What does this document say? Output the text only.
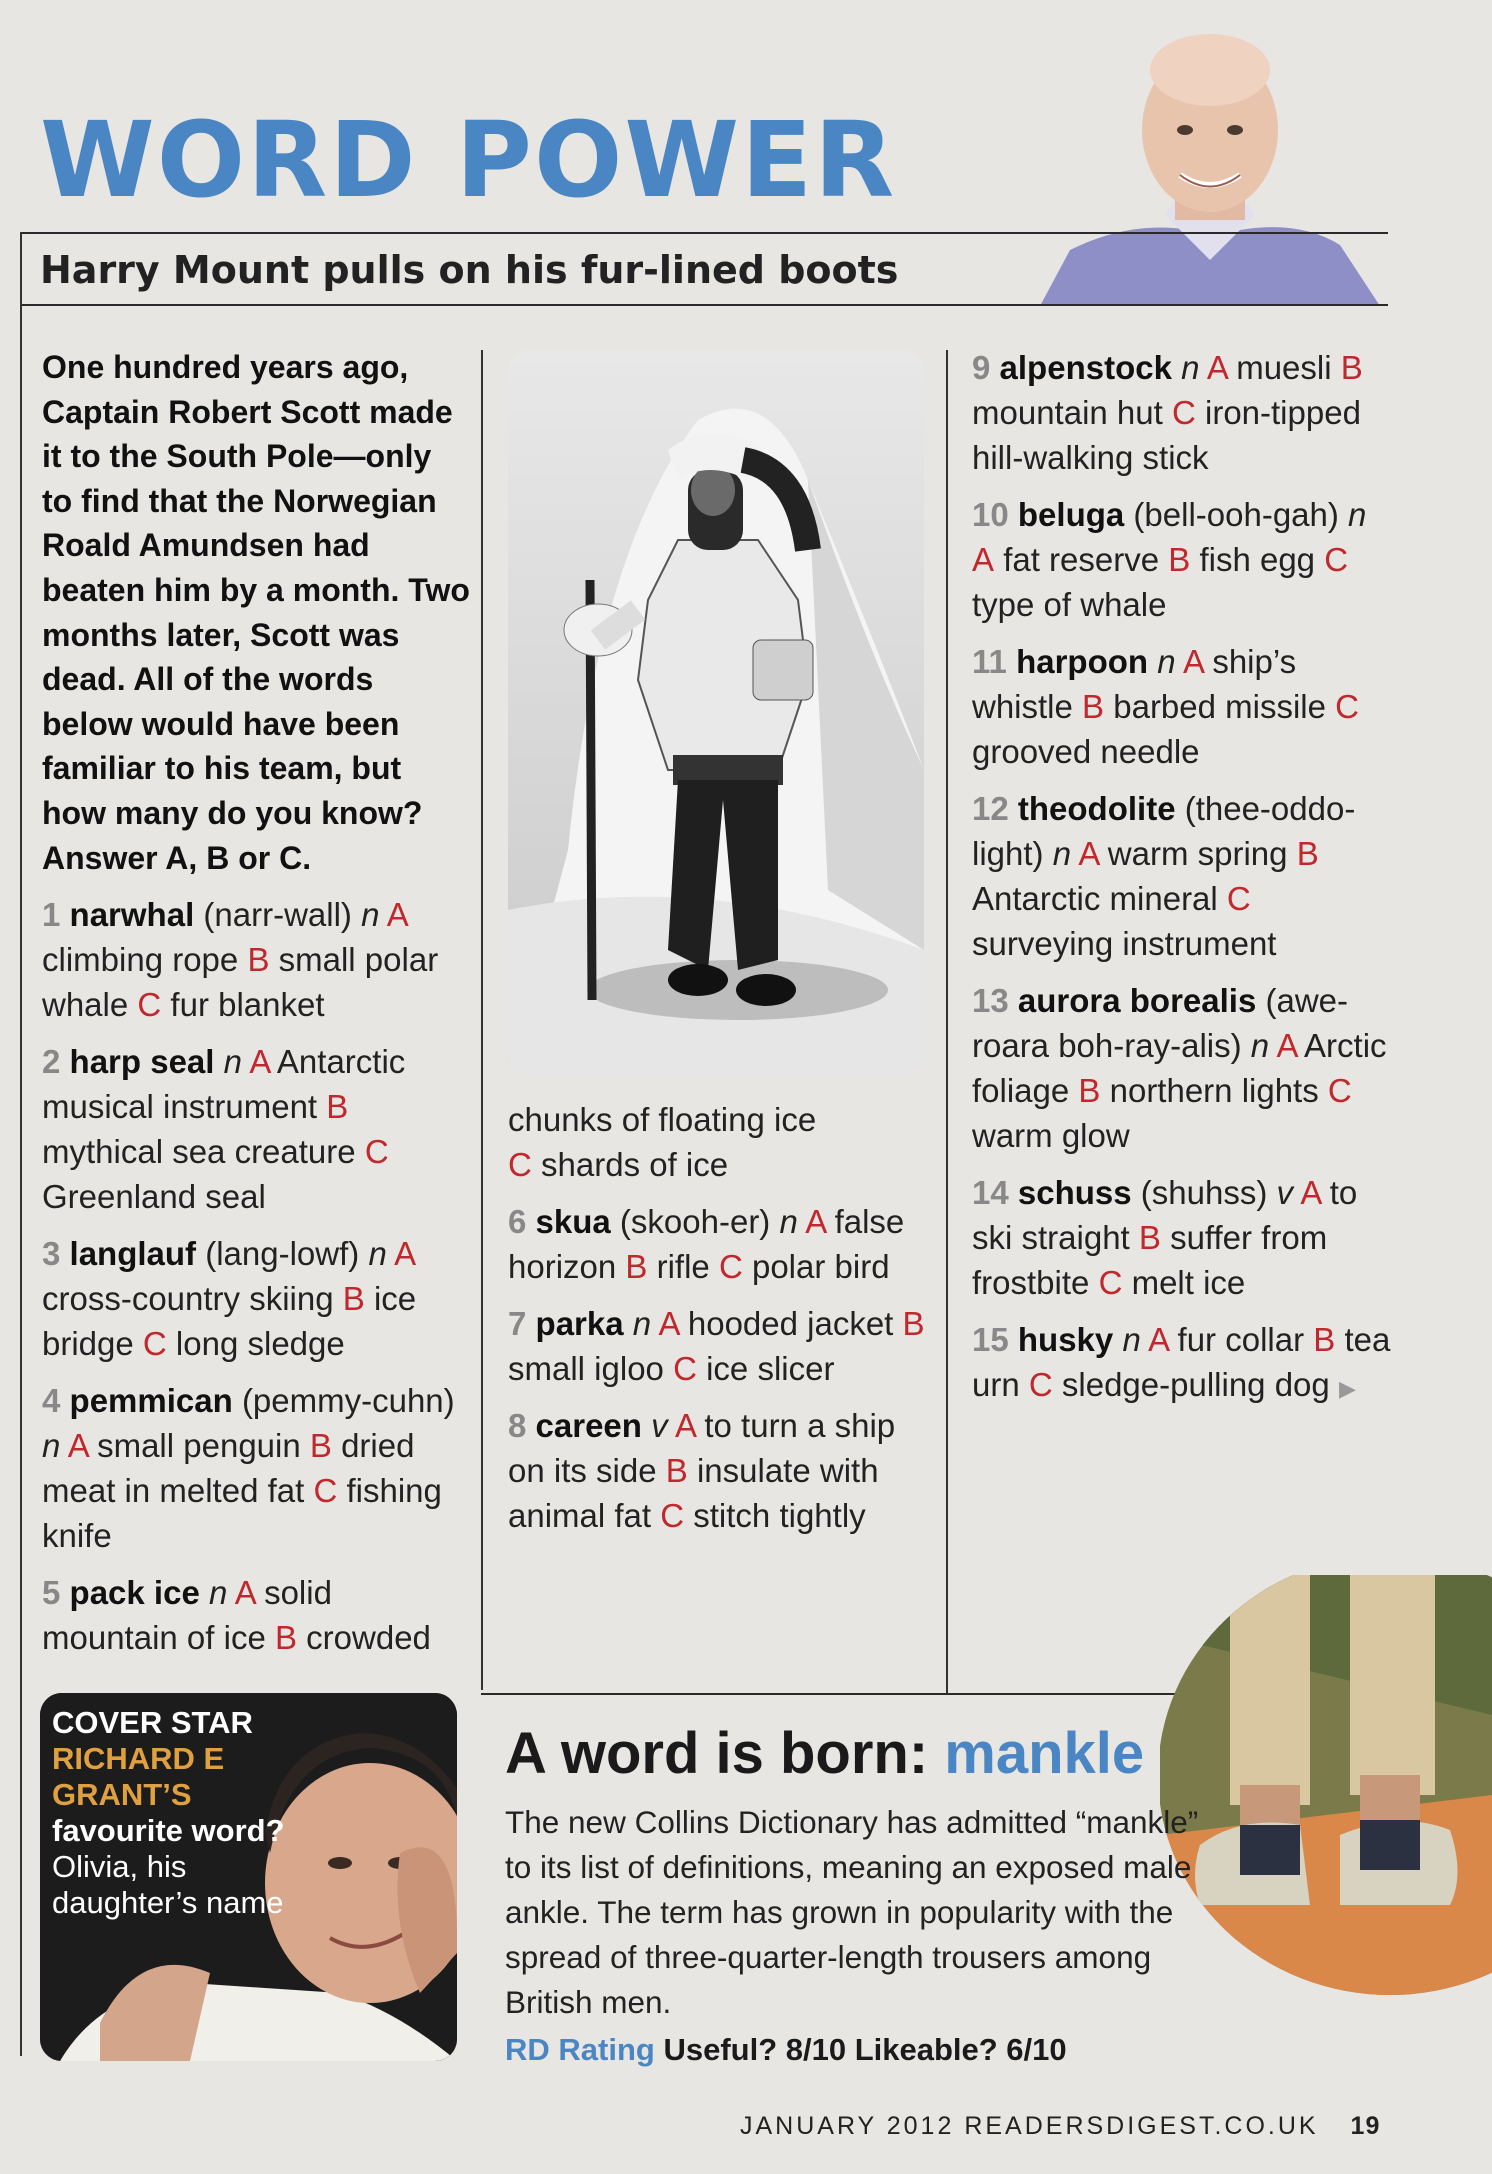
WORD POWER
Harry Mount pulls on his fur-lined boots

One hundred years ago, Captain Robert Scott made it to the South Pole—only to find that the Norwegian Roald Amundsen had beaten him by a month. Two months later, Scott was dead. All of the words below would have been familiar to his team, but how many do you know? Answer A, B or C.

1 narwhal (narr-wall) n A climbing rope B small polar whale C fur blanket

2 harp seal n A Antarctic musical instrument B mythical sea creature C Greenland seal

3 langlauf (lang-lowf) n A cross-country skiing B ice bridge C long sledge

4 pemmican (pemmy-cuhn) n A small penguin B dried meat in melted fat C fishing knife

5 pack ice n A solid mountain of ice B crowded

chunks of floating ice
C shards of ice

6 skua (skooh-er) n A false horizon B rifle C polar bird

7 parka n A hooded jacket B small igloo C ice slicer

8 careen v A to turn a ship on its side B insulate with animal fat C stitch tightly

9 alpenstock n A muesli B mountain hut C iron-tipped hill-walking stick

10 beluga (bell-ooh-gah) n A fat reserve B fish egg C type of whale

11 harpoon n A ship’s whistle B barbed missile C grooved needle

12 theodolite (thee-oddo-light) n A warm spring B Antarctic mineral C surveying instrument

13 aurora borealis (awe-roara boh-ray-alis) n A Arctic foliage B northern lights C warm glow

14 schuss (shuhss) v A to ski straight B suffer from frostbite C melt ice

15 husky n A fur collar B tea urn C sledge-pulling dog ▶

COVER STAR RICHARD E GRANT’S favourite word? Olivia, his daughter’s name
A word is born: mankle
The new Collins Dictionary has admitted “mankle” to its list of definitions, meaning an exposed male ankle. The term has grown in popularity with the spread of three-quarter-length trousers among British men.
RD Rating Useful? 8/10 Likeable? 6/10
JANUARY 2012 READERSDIGEST.CO.UK 19
